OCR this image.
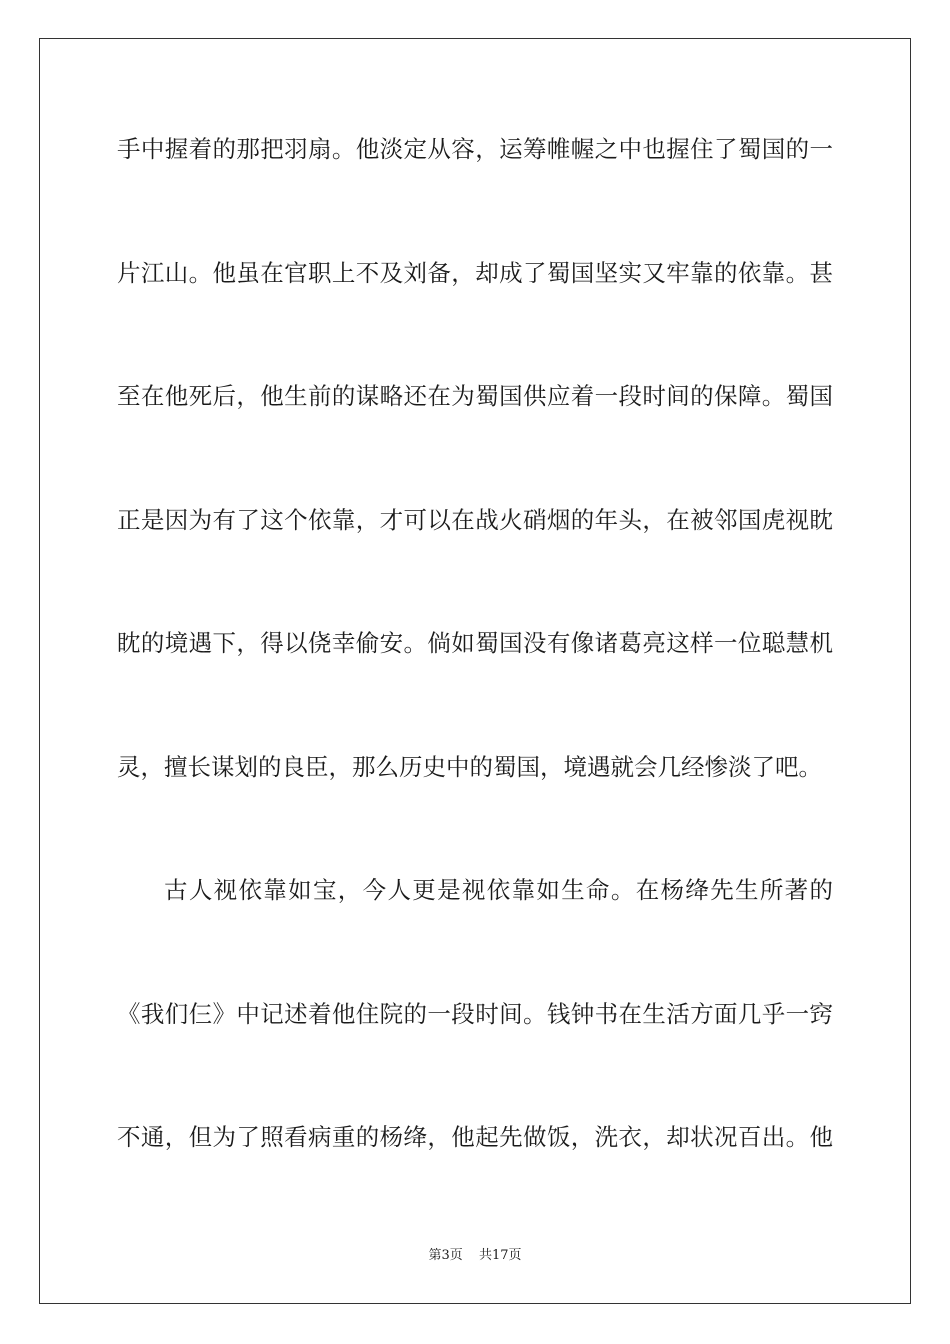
手中握着的那把羽扇。他淡定从容，运筹帷幄之中也握住了蜀国的一

片江山。他虽在官职上不及刘备，却成了蜀国坚实又牢靠的依靠。甚

至在他死后，他生前的谋略还在为蜀国供应着一段时间的保障。蜀国

正是因为有了这个依靠，才可以在战火硝烟的年头，在被邻国虎视眈

眈的境遇下，得以侥幸偷安。倘如蜀国没有像诸葛亮这样一位聪慧机

灵，擅长谋划的良臣，那么历史中的蜀国，境遇就会几经惨淡了吧。

古人视依靠如宝，今人更是视依靠如生命。在杨绛先生所著的

《我们仨》中记述着他住院的一段时间。钱钟书在生活方面几乎一窍

不通，但为了照看病重的杨绛，他起先做饭，洗衣，却状况百出。他

第3页 共17页
